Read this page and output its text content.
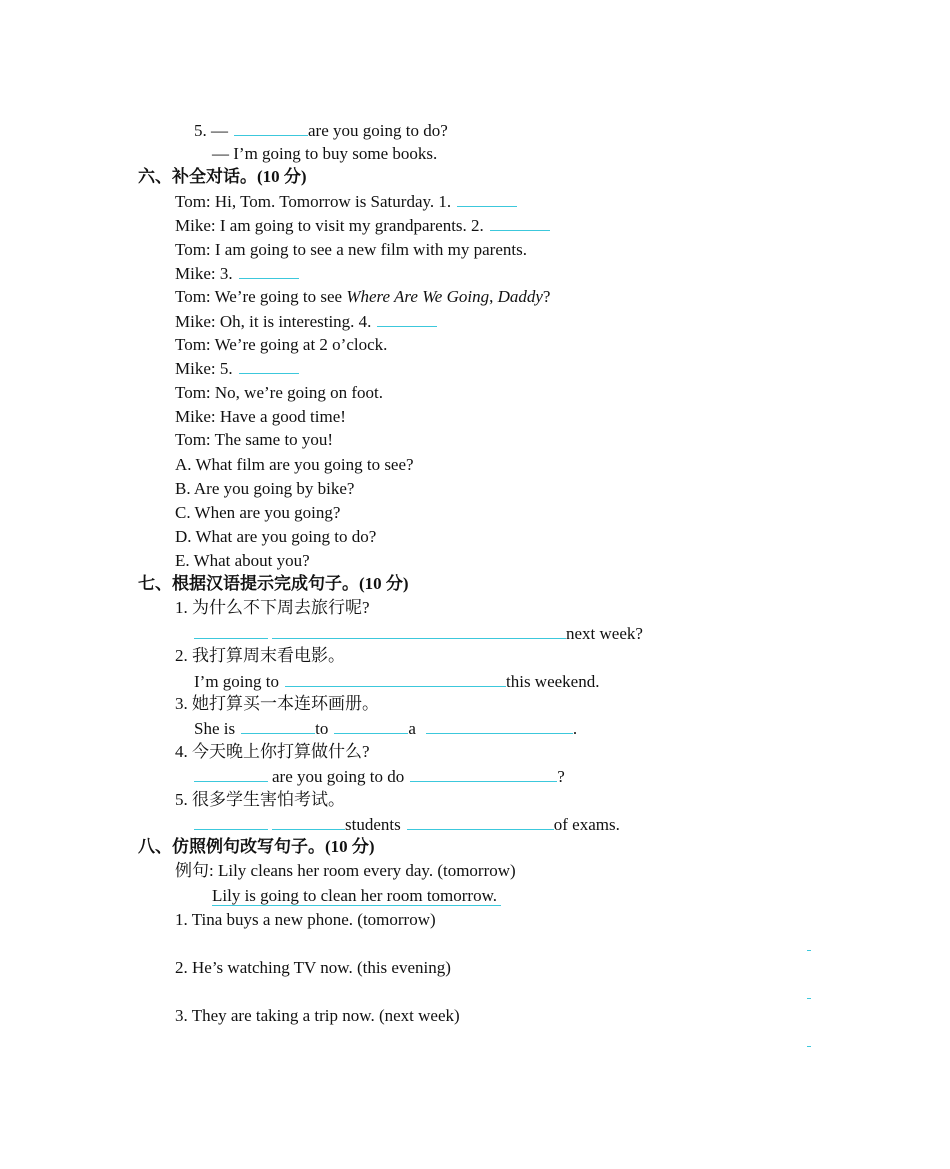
5. —	are you going to do?
— I’m going to buy some books.
六、补全对话。(10 分)
Tom: Hi, Tom. Tomorrow is Saturday. 1.
Mike: I am going to visit my grandparents. 2.
Tom: I am going to see a new film with my parents.
Mike: 3.
Tom: We’re going to see Where Are We Going, Daddy?
Mike: Oh, it is interesting. 4.
Tom: We’re going at 2 o’clock.
Mike: 5.
Tom: No, we’re going on foot.
Mike: Have a good time!
Tom: The same to you!
A. What film are you going to see?
B. Are you going by bike?
C. When are you going?
D. What are you going to do?
E. What about you?
七、根据汉语提示完成句子。(10 分)
1. 为什么不下周去旅行呢?
next week?
2. 我打算周末看电影。
I’m going to	this weekend.
3. 她打算买一本连环画册。
She is	to	a	.
4. 今天晚上你打算做什么?
are you going to do	?
5. 很多学生害怕考试。
students	of exams.
八、仿照例句改写句子。(10 分)
例句: Lily cleans her room every day. (tomorrow)
Lily is going to clean her room tomorrow.
1. Tina buys a new phone. (tomorrow)
2. He’s watching TV now. (this evening)
3. They are taking a trip now. (next week)
